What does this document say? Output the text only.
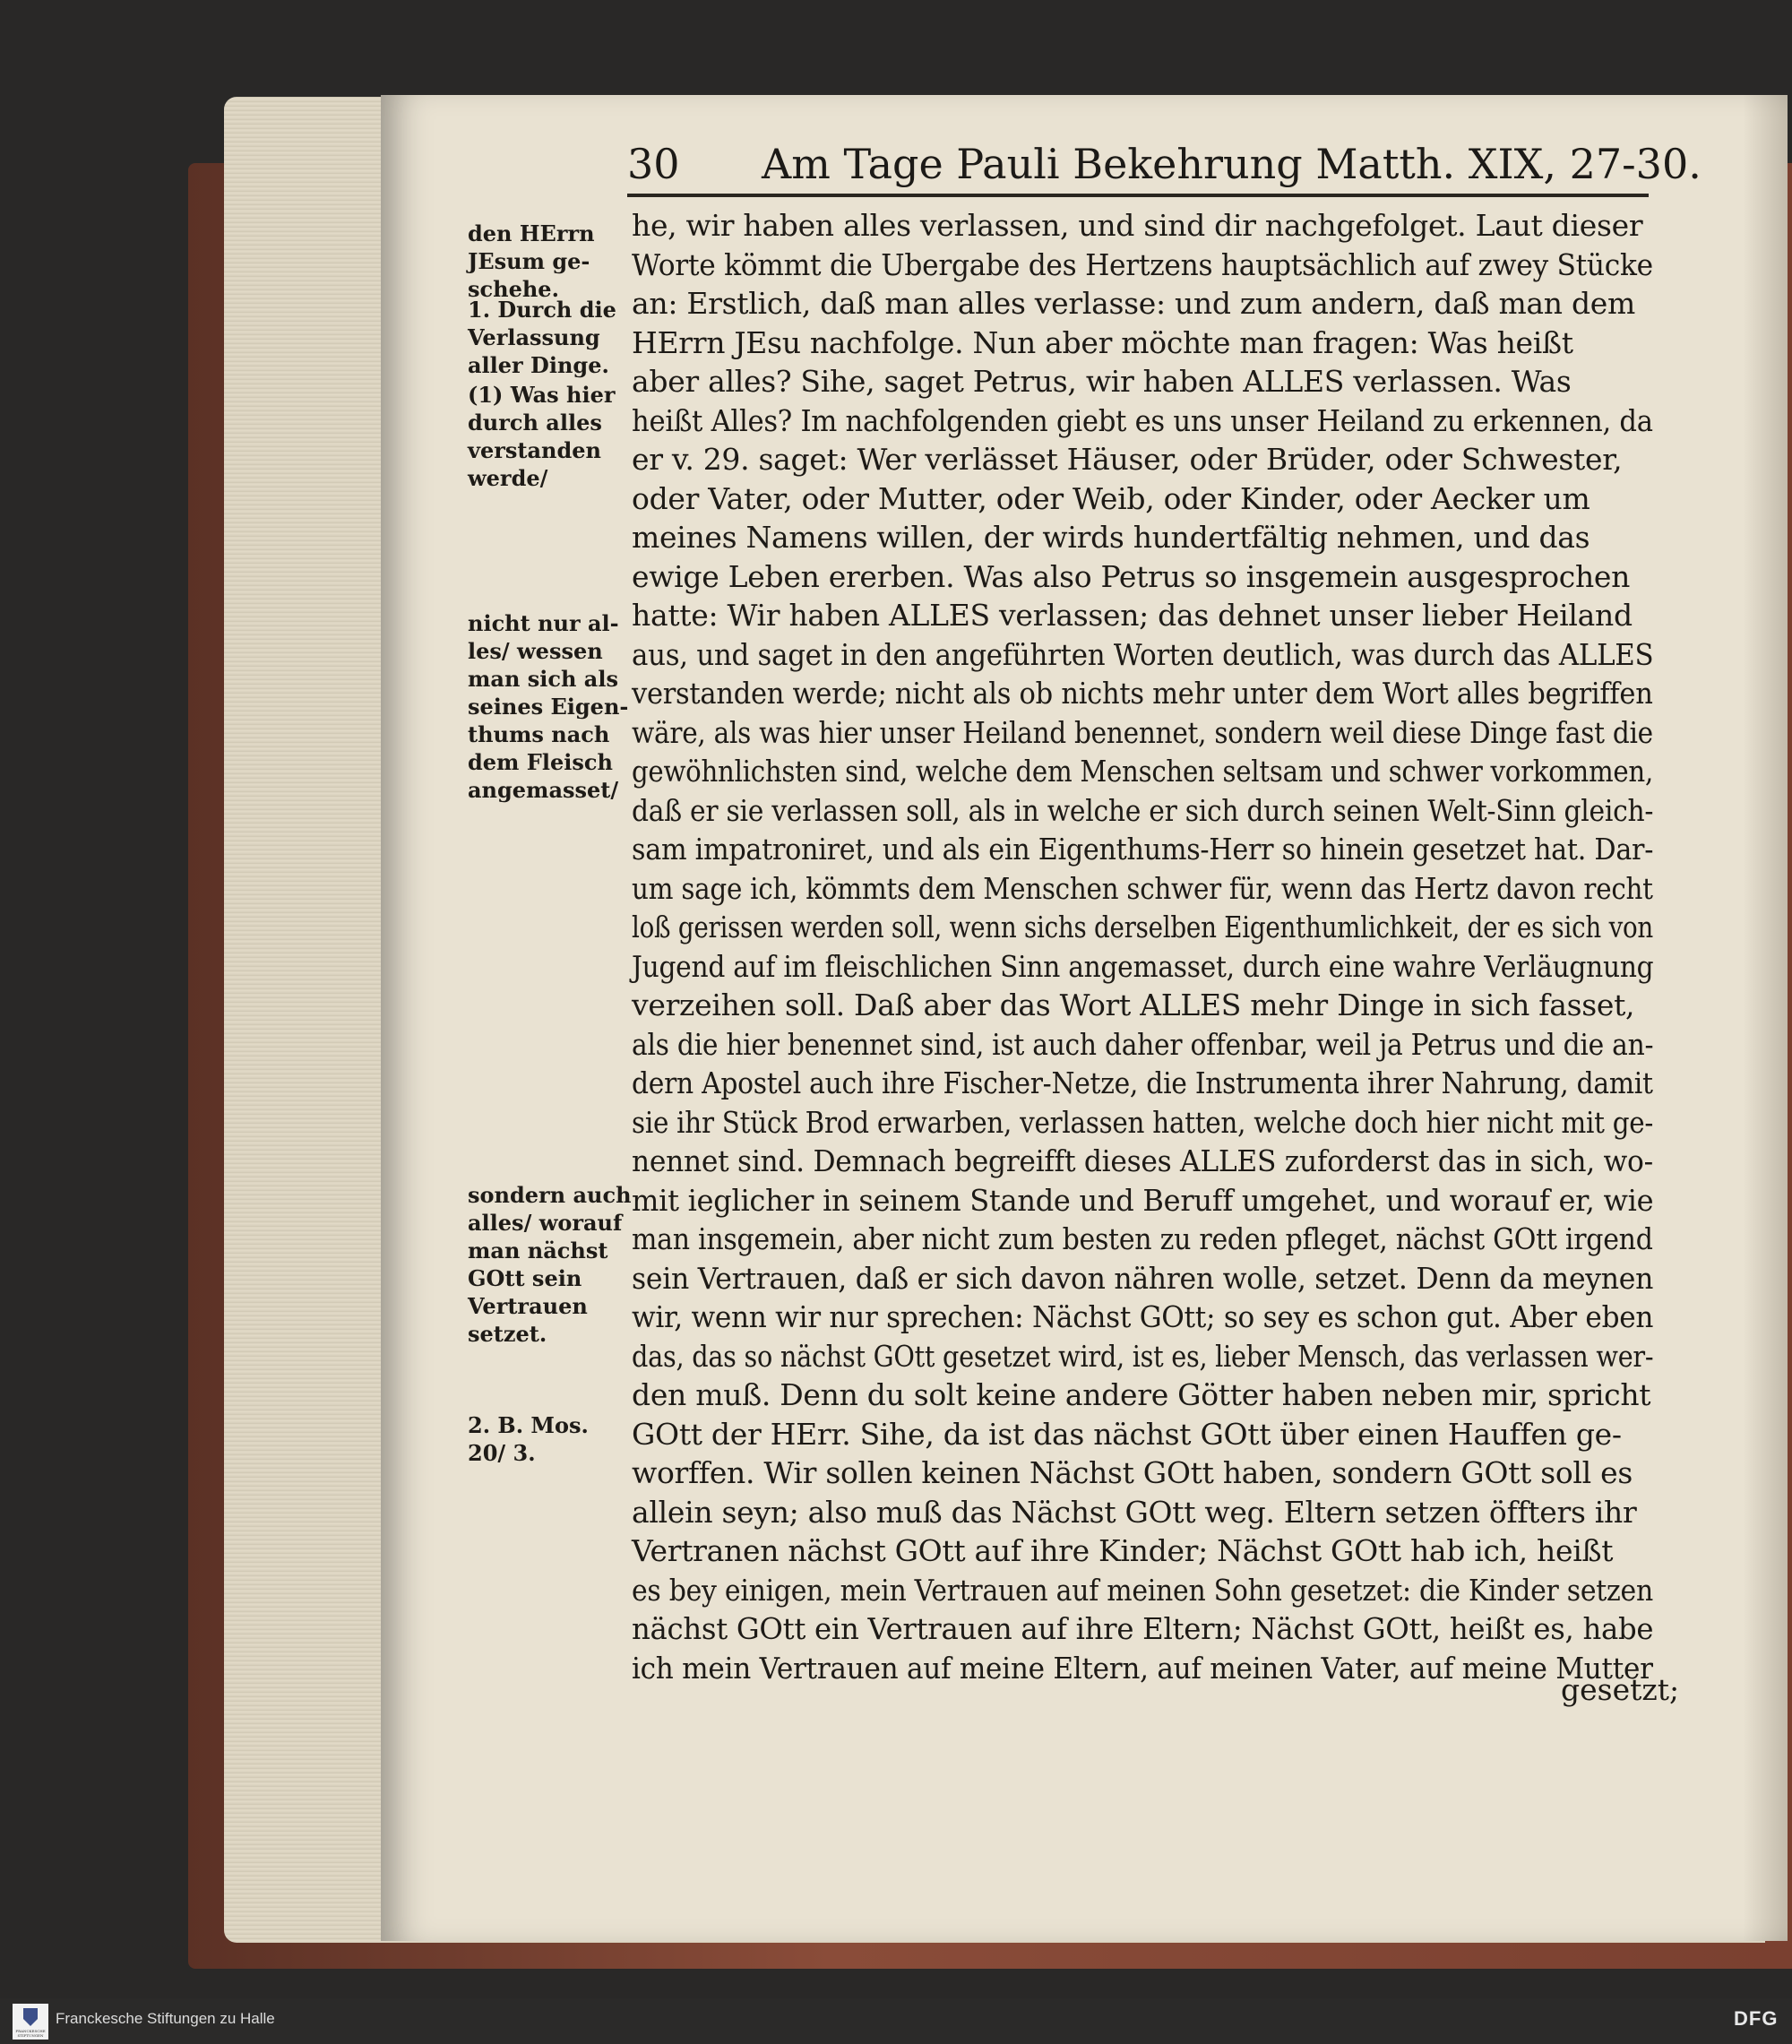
30 Am Tage Pauli Bekehrung Matth. XIX, 27-30.
den HErrn
JEsum ge-
schehe.
1. Durch die
Verlassung
aller Dinge.
(1) Was hier
durch alles
verstanden
werde/
nicht nur al-
les/ wessen
man sich als
seines Eigen-
thums nach
dem Fleisch
angemasset/
sondern auch
alles/ worauf
man nächst
GOtt sein
Vertrauen
setzet.
2. B. Mos.
20/ 3.
he, wir haben alles verlassen, und sind dir nachgefolget. Laut dieser
Worte kömmt die Ubergabe des Hertzens hauptsächlich auf zwey Stücke
an: Erstlich, daß man alles verlasse: und zum andern, daß man dem
HErrn JEsu nachfolge. Nun aber möchte man fragen: Was heißt
aber alles? Sihe, saget Petrus, wir haben ALLES verlassen. Was
heißt Alles? Im nachfolgenden giebt es uns unser Heiland zu erkennen, da
er v. 29. saget: Wer verlässet Häuser, oder Brüder, oder Schwester,
oder Vater, oder Mutter, oder Weib, oder Kinder, oder Aecker um
meines Namens willen, der wirds hundertfältig nehmen, und das
ewige Leben ererben. Was also Petrus so insgemein ausgesprochen
hatte: Wir haben ALLES verlassen; das dehnet unser lieber Heiland
aus, und saget in den angeführten Worten deutlich, was durch das ALLES
verstanden werde; nicht als ob nichts mehr unter dem Wort alles begriffen
wäre, als was hier unser Heiland benennet, sondern weil diese Dinge fast die
gewöhnlichsten sind, welche dem Menschen seltsam und schwer vorkommen,
daß er sie verlassen soll, als in welche er sich durch seinen Welt-Sinn gleich-
sam impatroniret, und als ein Eigenthums-Herr so hinein gesetzet hat. Dar-
um sage ich, kömmts dem Menschen schwer für, wenn das Hertz davon recht
loß gerissen werden soll, wenn sichs derselben Eigenthumlichkeit, der es sich von
Jugend auf im fleischlichen Sinn angemasset, durch eine wahre Verläugnung
verzeihen soll. Daß aber das Wort ALLES mehr Dinge in sich fasset,
als die hier benennet sind, ist auch daher offenbar, weil ja Petrus und die an-
dern Apostel auch ihre Fischer-Netze, die Instrumenta ihrer Nahrung, damit
sie ihr Stück Brod erwarben, verlassen hatten, welche doch hier nicht mit ge-
nennet sind. Demnach begreifft dieses ALLES zuforderst das in sich, wo-
mit ieglicher in seinem Stande und Beruff umgehet, und worauf er, wie
man insgemein, aber nicht zum besten zu reden pfleget, nächst GOtt irgend
sein Vertrauen, daß er sich davon nähren wolle, setzet. Denn da meynen
wir, wenn wir nur sprechen: Nächst GOtt; so sey es schon gut. Aber eben
das, das so nächst GOtt gesetzet wird, ist es, lieber Mensch, das verlassen wer-
den muß. Denn du solt keine andere Götter haben neben mir, spricht
GOtt der HErr. Sihe, da ist das nächst GOtt über einen Hauffen ge-
worffen. Wir sollen keinen Nächst GOtt haben, sondern GOtt soll es
allein seyn; also muß das Nächst GOtt weg. Eltern setzen öffters ihr
Vertranen nächst GOtt auf ihre Kinder; Nächst GOtt hab ich, heißt
es bey einigen, mein Vertrauen auf meinen Sohn gesetzet: die Kinder setzen
nächst GOtt ein Vertrauen auf ihre Eltern; Nächst GOtt, heißt es, habe
ich mein Vertrauen auf meine Eltern, auf meinen Vater, auf meine Mutter
gesetzt;
FRANCKESCHE STIFTUNGEN
Franckesche Stiftungen zu Halle	DFG
